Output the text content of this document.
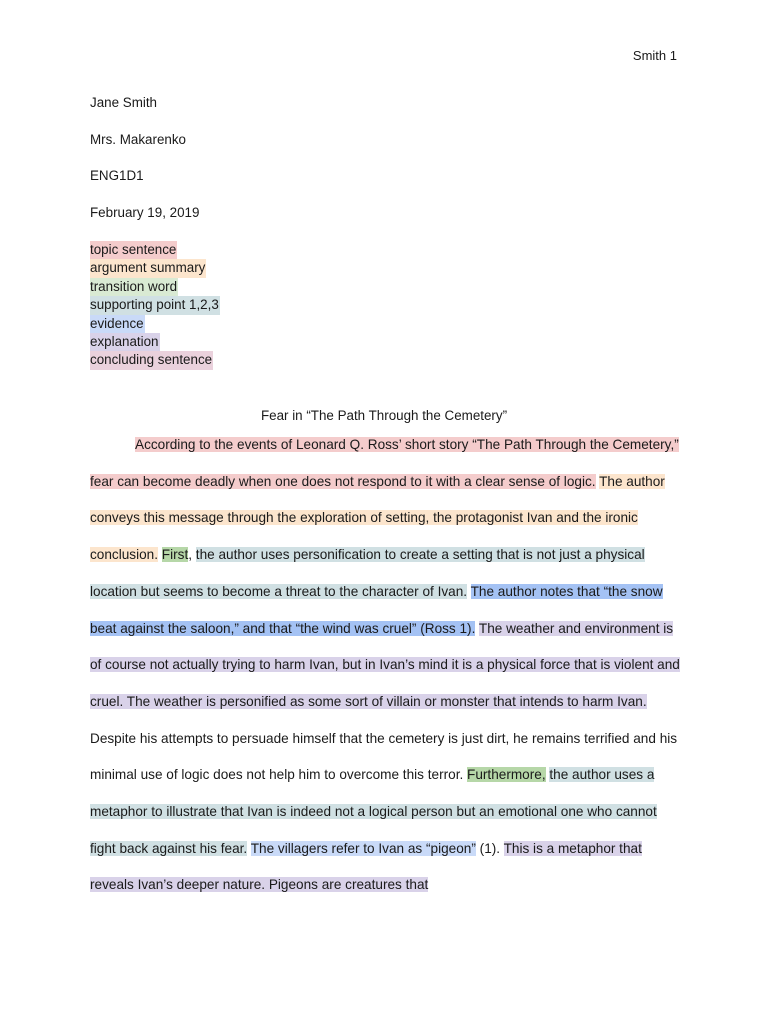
Smith 1
Jane Smith
Mrs. Makarenko
ENG1D1
February 19, 2019
topic sentence
argument summary
transition word
supporting point 1,2,3
evidence
explanation
concluding sentence
Fear in “The Path Through the Cemetery”
According to the events of Leonard Q. Ross’ short story “The Path Through the Cemetery,” fear can become deadly when one does not respond to it with a clear sense of logic. The author conveys this message through the exploration of setting, the protagonist Ivan and the ironic conclusion. First, the author uses personification to create a setting that is not just a physical location but seems to become a threat to the character of Ivan. The author notes that “the snow beat against the saloon,” and that “the wind was cruel” (Ross 1). The weather and environment is of course not actually trying to harm Ivan, but in Ivan’s mind it is a physical force that is violent and cruel. The weather is personified as some sort of villain or monster that intends to harm Ivan. Despite his attempts to persuade himself that the cemetery is just dirt, he remains terrified and his minimal use of logic does not help him to overcome this terror. Furthermore, the author uses a metaphor to illustrate that Ivan is indeed not a logical person but an emotional one who cannot fight back against his fear. The villagers refer to Ivan as “pigeon” (1). This is a metaphor that reveals Ivan’s deeper nature. Pigeons are creatures that
